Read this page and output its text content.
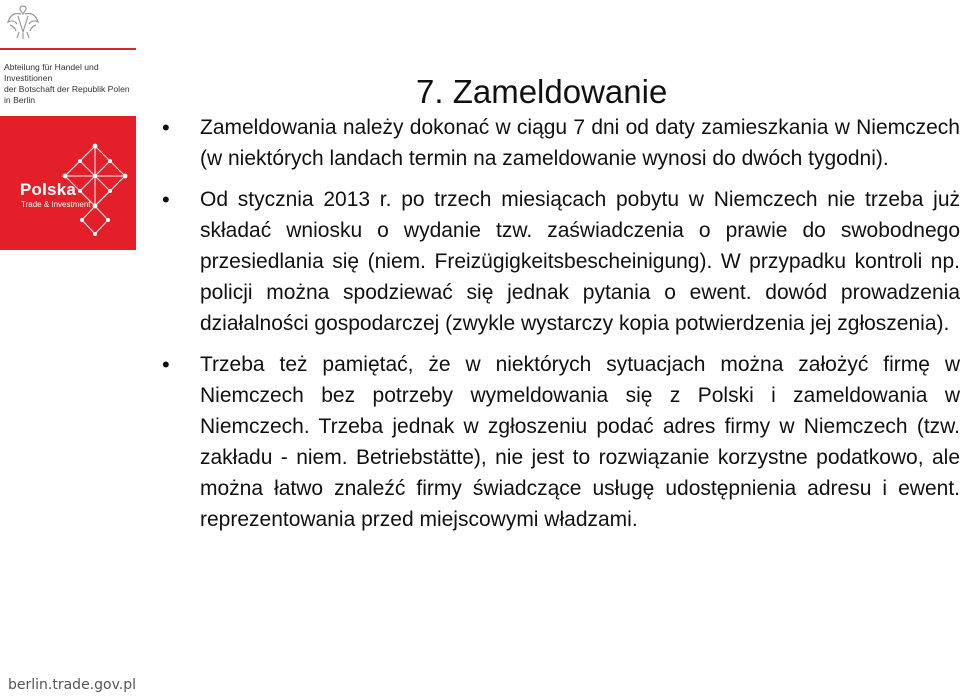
Abteilung für Handel und Investitionen
der Botschaft der Republik Polen
in Berlin
Polska
Trade & Investment
7. Zameldowanie
• Zameldowania należy dokonać w ciągu 7 dni od daty zamieszkania w Niemczech (w niektórych landach termin na zameldowanie wynosi do dwóch tygodni).
• Od stycznia 2013 r. po trzech miesiącach pobytu w Niemczech nie trzeba już składać wniosku o wydanie tzw. zaświadczenia o prawie do swobodnego przesiedlania się (niem. Freizügigkeitsbescheinigung). W przypadku kontroli np. policji można spodziewać się jednak pytania o ewent. dowód prowadzenia działalności gospodarczej (zwykle wystarczy kopia potwierdzenia jej zgłoszenia).
• Trzeba też pamiętać, że w niektórych sytuacjach można założyć firmę w Niemczech bez potrzeby wymeldowania się z Polski i zameldowania w Niemczech. Trzeba jednak w zgłoszeniu podać adres firmy w Niemczech (tzw. zakładu - niem. Betriebstätte), nie jest to rozwiązanie korzystne podatkowo, ale można łatwo znaleźć firmy świadczące usługę udostępnienia adresu i ewent. reprezentowania przed miejscowymi władzami.
berlin.trade.gov.pl
